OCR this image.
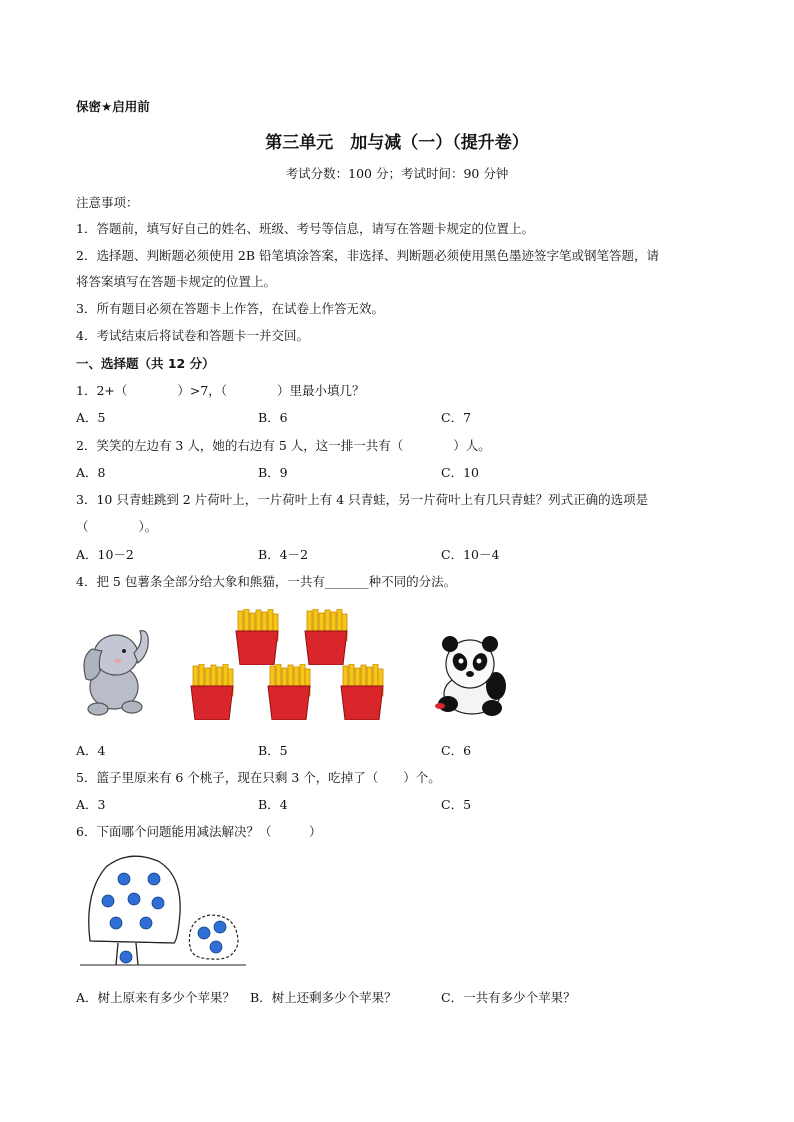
保密★启用前
第三单元　加与减（一）（提升卷）
考试分数：100 分；考试时间：90 分钟
注意事项：
1．答题前，填写好自己的姓名、班级、考号等信息，请写在答题卡规定的位置上。
2．选择题、判断题必须使用 2B 铅笔填涂答案，非选择、判断题必须使用黑色墨迹签字笔或钢笔答题，请
将答案填写在答题卡规定的位置上。
3．所有题目必须在答题卡上作答，在试卷上作答无效。
4．考试结束后将试卷和答题卡一并交回。
一、选择题（共 12 分）
1．2+（　　　　）>7，（　　　　）里最小填几？
A．5	B．6	C．7
2．笑笑的左边有 3 人，她的右边有 5 人，这一排一共有（　　　　）人。
A．8	B．9	C．10
3．10 只青蛙跳到 2 片荷叶上，一片荷叶上有 4 只青蛙，另一片荷叶上有几只青蛙？列式正确的选项是
（　　　　）。
A．10－2	B．4－2	C．10－4
4．把 5 包薯条全部分给大象和熊猫，一共有_______种不同的分法。
A．4	B．5	C．6
5．篮子里原来有 6 个桃子，现在只剩 3 个，吃掉了（　　）个。
A．3	B．4	C．5
6．下面哪个问题能用减法解决？（　　　）
A．树上原来有多少个苹果？ B．树上还剩多少个苹果？	C．一共有多少个苹果？
